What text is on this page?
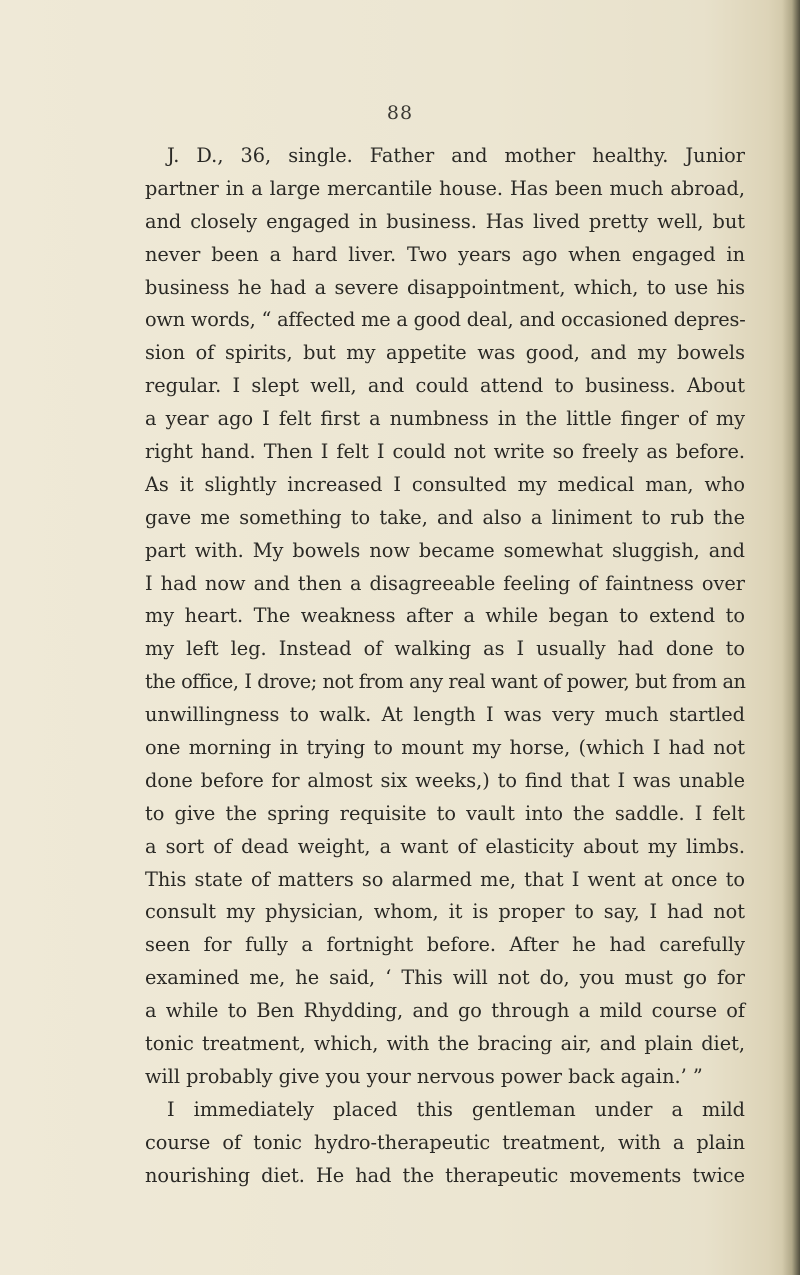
88
J. D., 36, single. Father and mother healthy. Junior
partner in a large mercantile house. Has been much abroad,
and closely engaged in business. Has lived pretty well, but
never been a hard liver. Two years ago when engaged in
business he had a severe disappointment, which, to use his
own words, “ affected me a good deal, and occasioned depres-
sion of spirits, but my appetite was good, and my bowels
regular. I slept well, and could attend to business. About
a year ago I felt first a numbness in the little finger of my
right hand. Then I felt I could not write so freely as before.
As it slightly increased I consulted my medical man, who
gave me something to take, and also a liniment to rub the
part with. My bowels now became somewhat sluggish, and
I had now and then a disagreeable feeling of faintness over
my heart. The weakness after a while began to extend to
my left leg. Instead of walking as I usually had done to
the office, I drove; not from any real want of power, but from an
unwillingness to walk. At length I was very much startled
one morning in trying to mount my horse, (which I had not
done before for almost six weeks,) to find that I was unable
to give the spring requisite to vault into the saddle. I felt
a sort of dead weight, a want of elasticity about my limbs.
This state of matters so alarmed me, that I went at once to
consult my physician, whom, it is proper to say, I had not
seen for fully a fortnight before. After he had carefully
examined me, he said, ‘ This will not do, you must go for
a while to Ben Rhydding, and go through a mild course of
tonic treatment, which, with the bracing air, and plain diet,
will probably give you your nervous power back again.’ ”
I immediately placed this gentleman under a mild
course of tonic hydro-therapeutic treatment, with a plain
nourishing diet. He had the therapeutic movements twice
